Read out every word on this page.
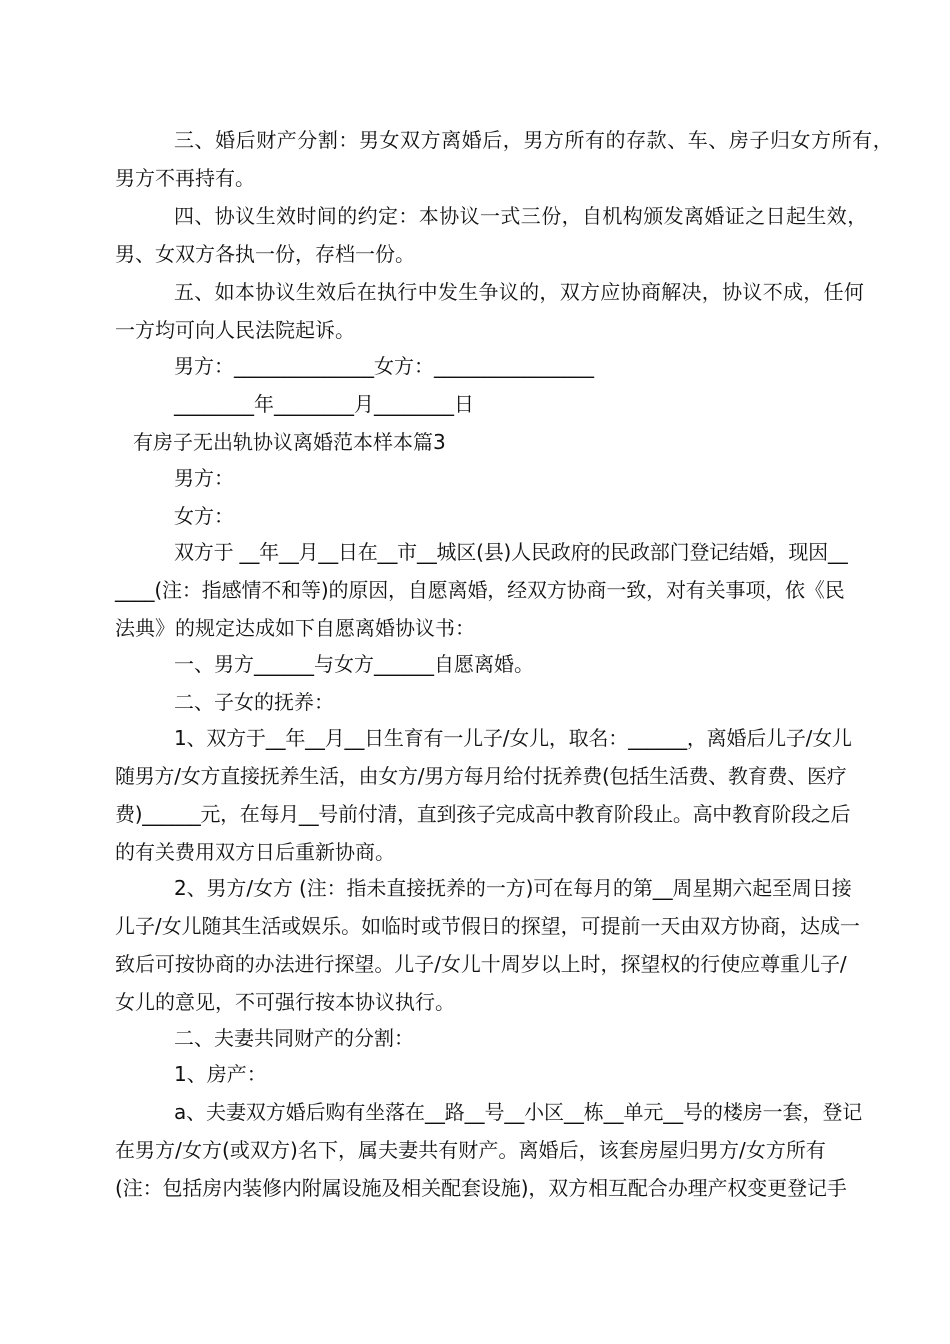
三、婚后财产分割：男女双方离婚后，男方所有的存款、车、房子归女方所有，
男方不再持有。
四、协议生效时间的约定：本协议一式三份，自机构颁发离婚证之日起生效，
男、女双方各执一份，存档一份。
五、如本协议生效后在执行中发生争议的，双方应协商解决，协议不成，任何
一方均可向人民法院起诉。
男方：______________女方：________________
________年________月________日
有房子无出轨协议离婚范本样本篇3
男方：
女方：
双方于 __年__月__日在__市__城区(县)人民政府的民政部门登记结婚，现因__
____(注：指感情不和等)的原因，自愿离婚，经双方协商一致，对有关事项，依《民
法典》的规定达成如下自愿离婚协议书：
一、男方______与女方______自愿离婚。
二、子女的抚养：
1、双方于__年__月__日生育有一儿子/女儿，取名：______，离婚后儿子/女儿
随男方/女方直接抚养生活，由女方/男方每月给付抚养费(包括生活费、教育费、医疗
费)______元，在每月__号前付清，直到孩子完成高中教育阶段止。高中教育阶段之后
的有关费用双方日后重新协商。
2、男方/女方 (注：指未直接抚养的一方)可在每月的第__周星期六起至周日接
儿子/女儿随其生活或娱乐。如临时或节假日的探望，可提前一天由双方协商，达成一
致后可按协商的办法进行探望。儿子/女儿十周岁以上时，探望权的行使应尊重儿子/
女儿的意见，不可强行按本协议执行。
二、夫妻共同财产的分割：
1、房产：
a、夫妻双方婚后购有坐落在__路__号__小区__栋__单元__号的楼房一套，登记
在男方/女方(或双方)名下，属夫妻共有财产。离婚后，该套房屋归男方/女方所有
(注：包括房内装修内附属设施及相关配套设施)，双方相互配合办理产权变更登记手
